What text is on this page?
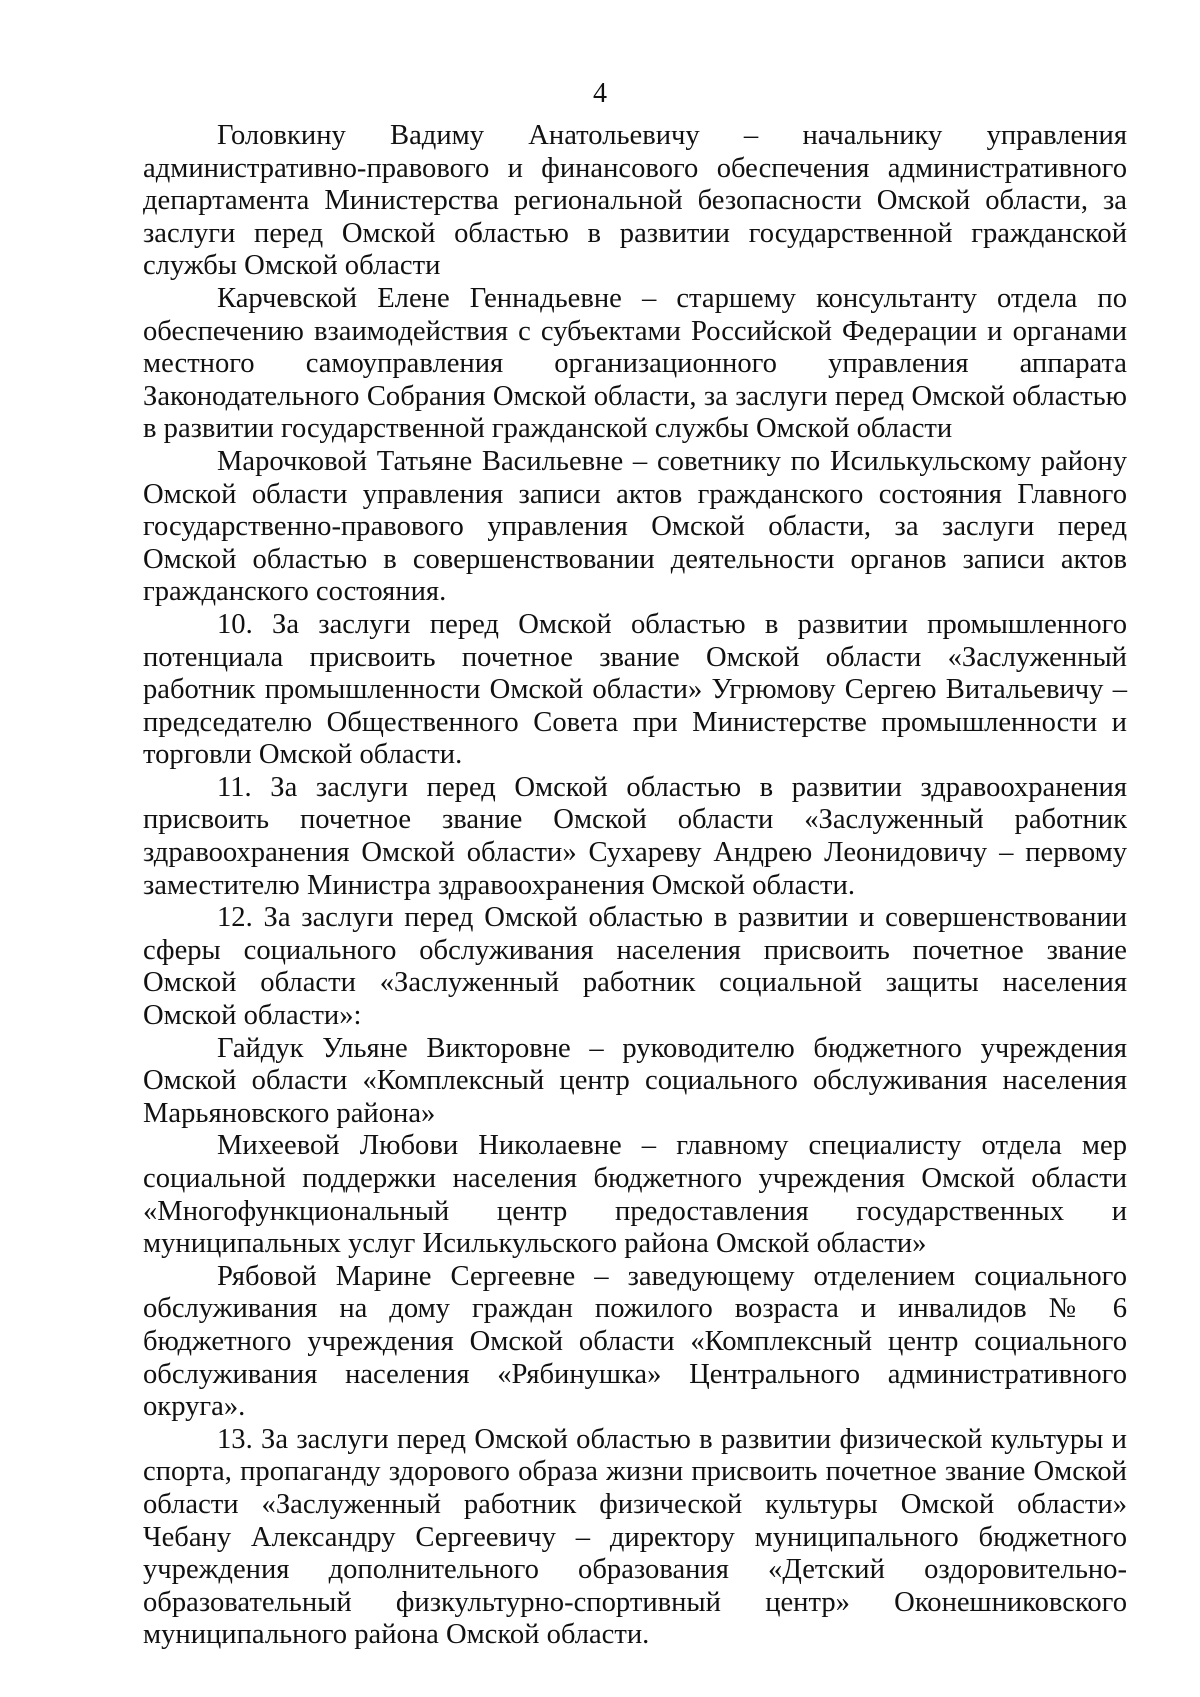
4

Головкину Вадиму Анатольевичу – начальнику управления административно-правового и финансового обеспечения административного департамента Министерства региональной безопасности Омской области, за заслуги перед Омской областью в развитии государственной гражданской службы Омской области

Карчевской Елене Геннадьевне – старшему консультанту отдела по обеспечению взаимодействия с субъектами Российской Федерации и органами местного самоуправления организационного управления аппарата Законодательного Собрания Омской области, за заслуги перед Омской областью в развитии государственной гражданской службы Омской области

Марочковой Татьяне Васильевне – советнику по Исилькульскому району Омской области управления записи актов гражданского состояния Главного государственно-правового управления Омской области, за заслуги перед Омской областью в совершенствовании деятельности органов записи актов гражданского состояния.

10. За заслуги перед Омской областью в развитии промышленного потенциала присвоить почетное звание Омской области «Заслуженный работник промышленности Омской области» Угрюмову Сергею Витальевичу – председателю Общественного Совета при Министерстве промышленности и торговли Омской области.

11. За заслуги перед Омской областью в развитии здравоохранения присвоить почетное звание Омской области «Заслуженный работник здравоохранения Омской области» Сухареву Андрею Леонидовичу – первому заместителю Министра здравоохранения Омской области.

12. За заслуги перед Омской областью в развитии и совершенствовании сферы социального обслуживания населения присвоить почетное звание Омской области «Заслуженный работник социальной защиты населения Омской области»:

Гайдук Ульяне Викторовне – руководителю бюджетного учреждения Омской области «Комплексный центр социального обслуживания населения Марьяновского района»

Михеевой Любови Николаевне – главному специалисту отдела мер социальной поддержки населения бюджетного учреждения Омской области «Многофункциональный центр предоставления государственных и муниципальных услуг Исилькульского района Омской области»

Рябовой Марине Сергеевне – заведующему отделением социального обслуживания на дому граждан пожилого возраста и инвалидов № 6 бюджетного учреждения Омской области «Комплексный центр социального обслуживания населения «Рябинушка» Центрального административного округа».

13. За заслуги перед Омской областью в развитии физической культуры и спорта, пропаганду здорового образа жизни присвоить почетное звание Омской области «Заслуженный работник физической культуры Омской области» Чебану Александру Сергеевичу – директору муниципального бюджетного учреждения дополнительного образования «Детский оздоровительно-образовательный физкультурно-спортивный центр» Оконешниковского муниципального района Омской области.
